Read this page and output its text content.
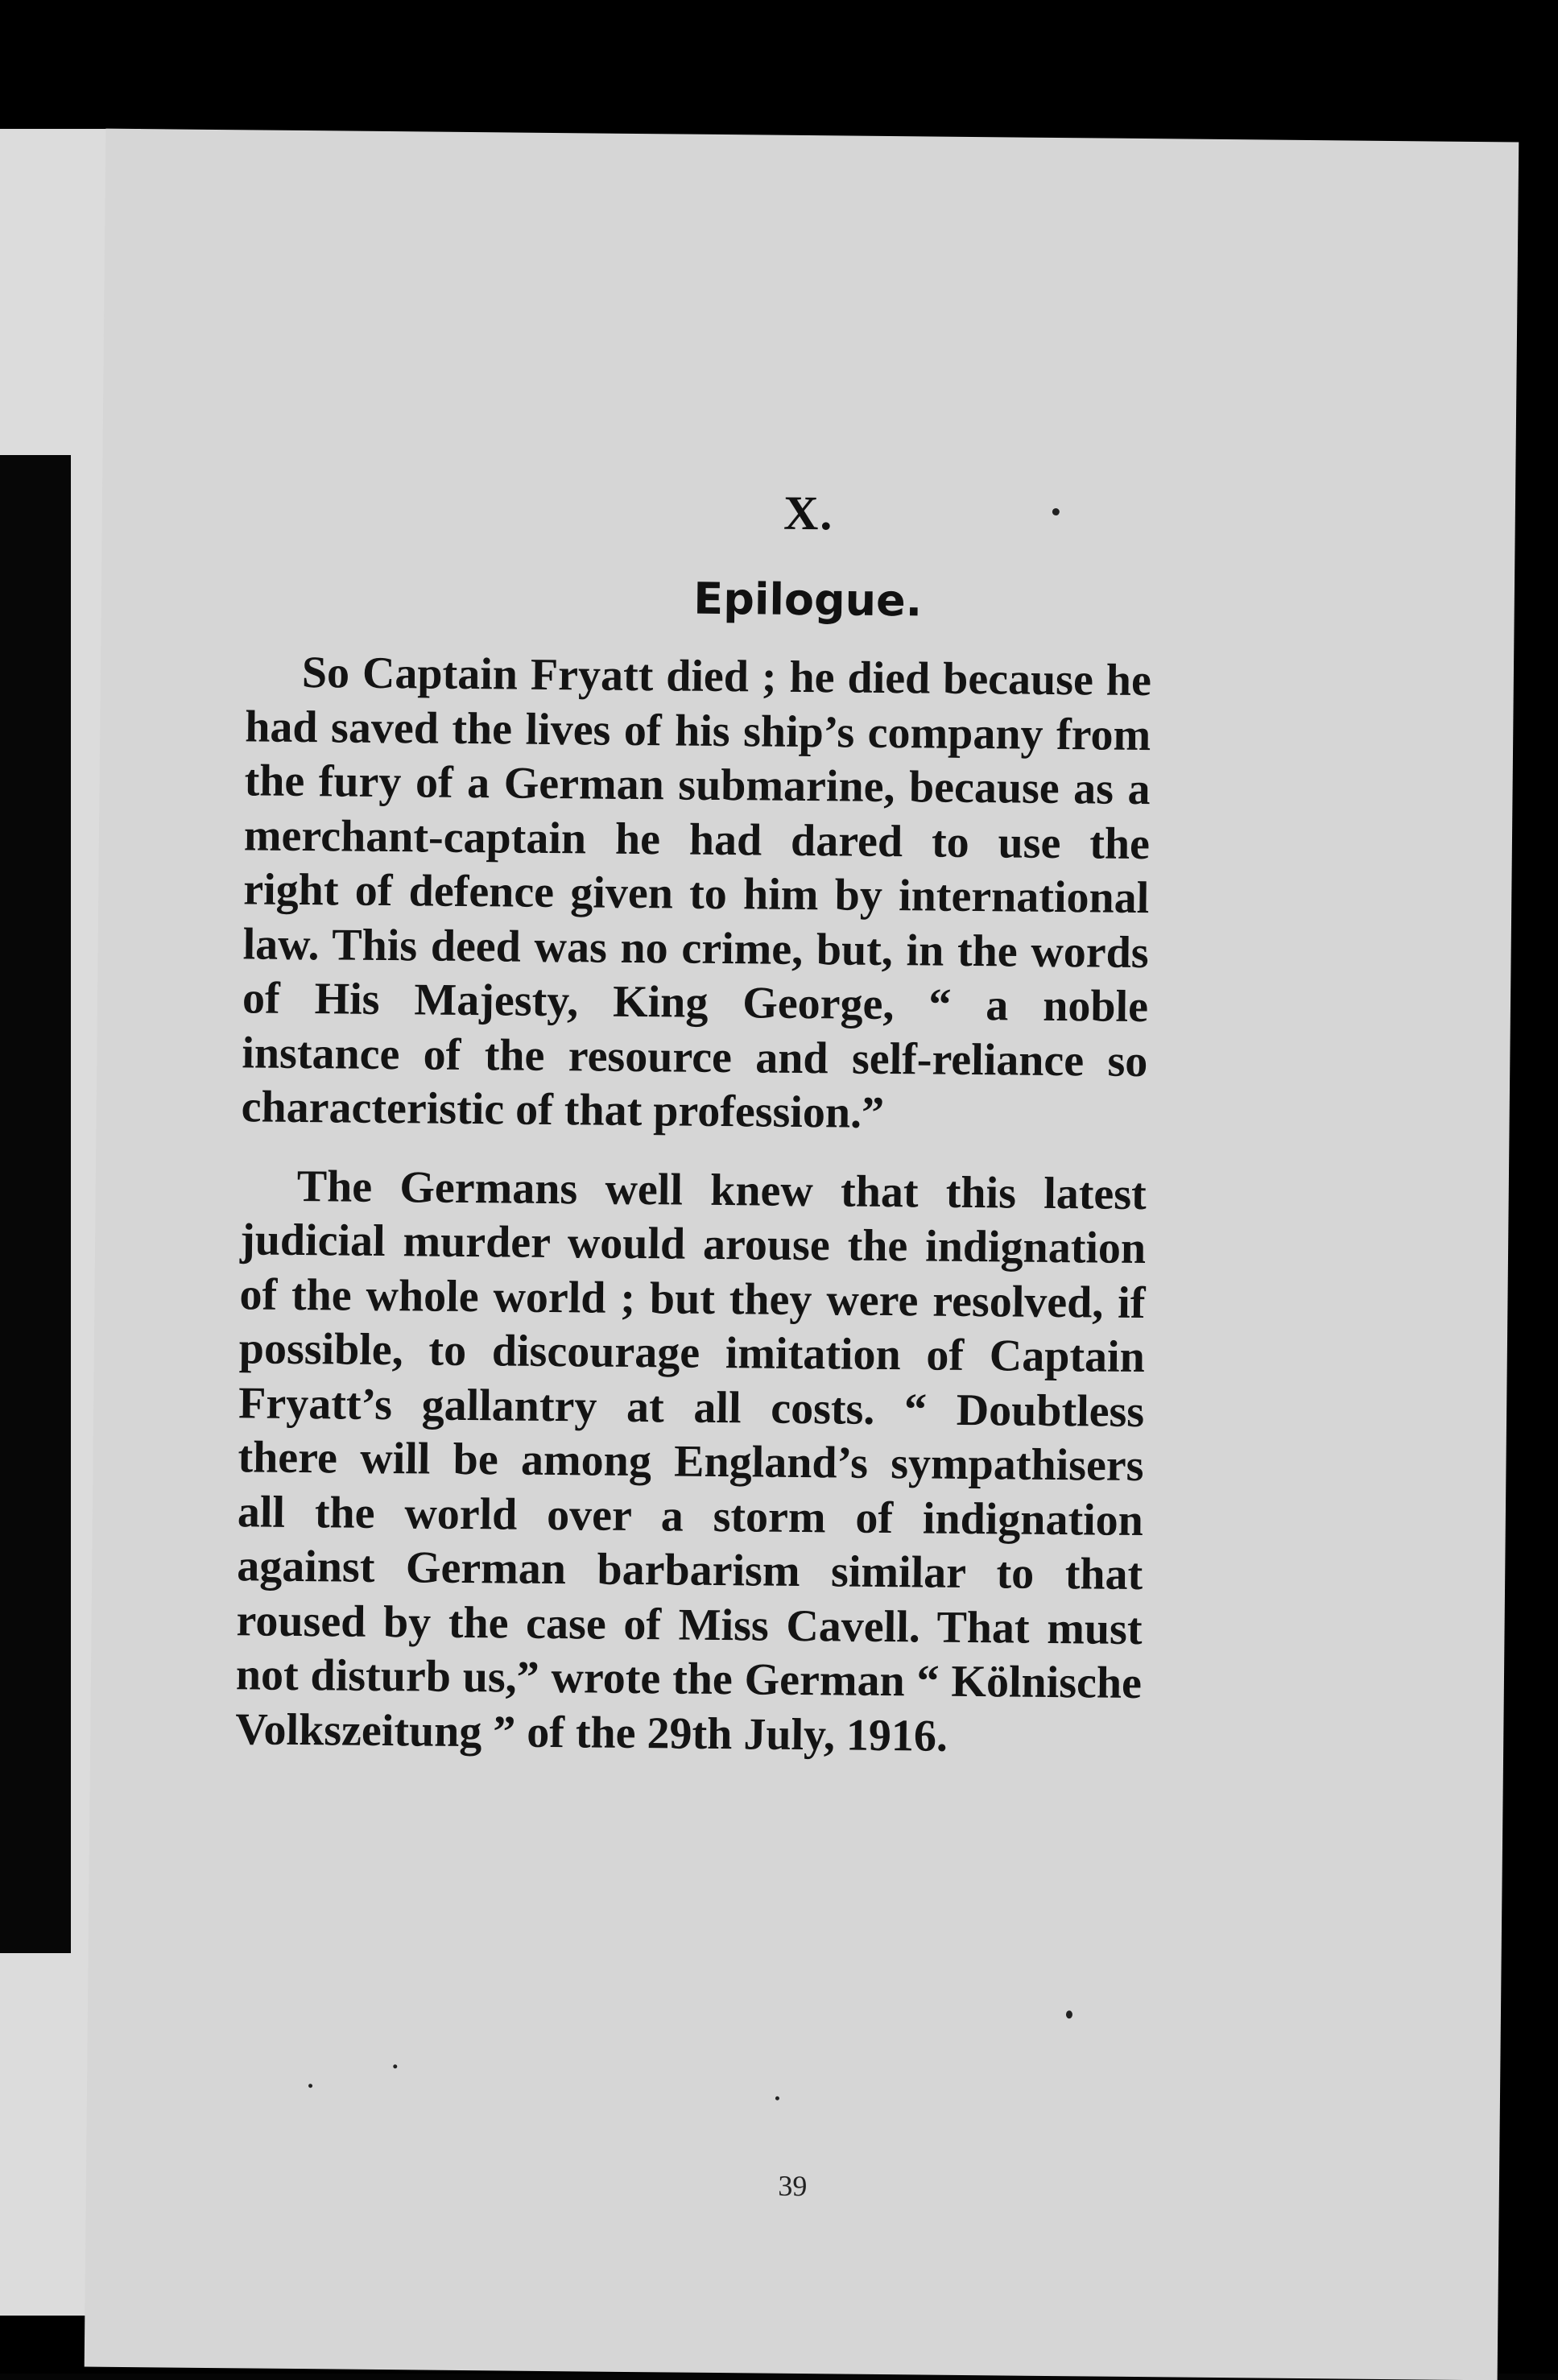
X.
Epilogue.

So Captain Fryatt died ; he died because he had saved the lives of his ship’s company from the fury of a German submarine, because as a merchant-captain he had dared to use the right of defence given to him by international law. This deed was no crime, but, in the words of His Majesty, King George, “ a noble instance of the resource and self-reliance so characteristic of that profession.”

The Germans well knew that this latest judicial murder would arouse the indignation of the whole world ; but they were resolved, if possible, to discourage imitation of Captain Fryatt’s gallantry at all costs. “ Doubtless there will be among England’s sympathisers all the world over a storm of indignation against German barbarism similar to that roused by the case of Miss Cavell. That must not disturb us,” wrote the German “ Kölnische Volkszeitung ” of the 29th July, 1916.

39
